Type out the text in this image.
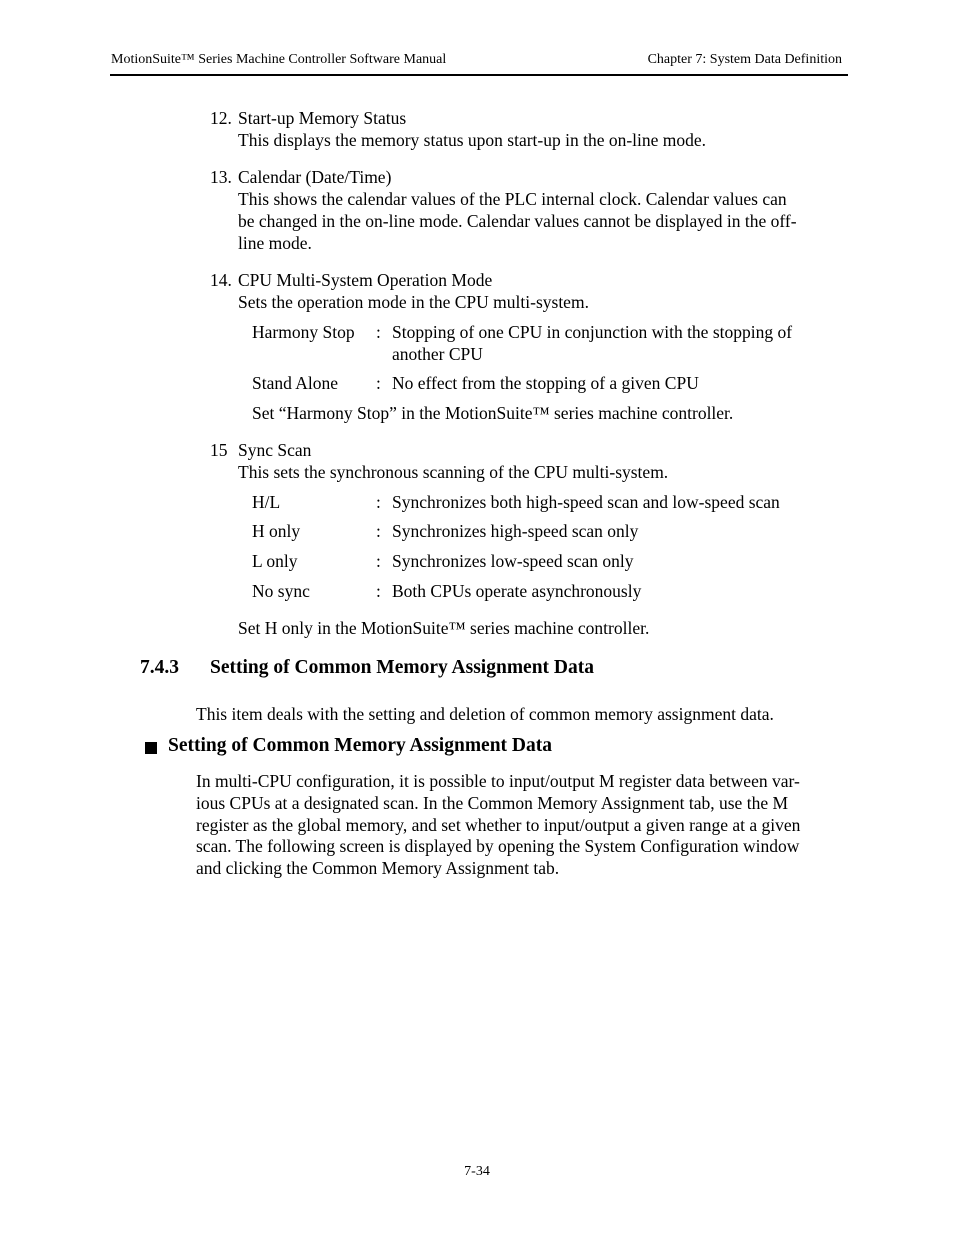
MotionSuite™ Series Machine Controller Software Manual	Chapter 7: System Data Definition
12. Start-up Memory Status
This displays the memory status upon start-up in the on-line mode.
13. Calendar (Date/Time)
This shows the calendar values of the PLC internal clock. Calendar values can
be changed in the on-line mode. Calendar values cannot be displayed in the off-
line mode.
14. CPU Multi-System Operation Mode
Sets the operation mode in the CPU multi-system.
Harmony Stop : Stopping of one CPU in conjunction with the stopping of
another CPU
Stand Alone : No effect from the stopping of a given CPU
Set “Harmony Stop” in the MotionSuite™ series machine controller.
15 Sync Scan
This sets the synchronous scanning of the CPU multi-system.
H/L	: Synchronizes both high-speed scan and low-speed scan
H only	: Synchronizes high-speed scan only
L only	: Synchronizes low-speed scan only
No sync	: Both CPUs operate asynchronously
Set H only in the MotionSuite™ series machine controller.
7.4.3 Setting of Common Memory Assignment Data
This item deals with the setting and deletion of common memory assignment data.
Setting of Common Memory Assignment Data
In multi-CPU configuration, it is possible to input/output M register data between var-
ious CPUs at a designated scan. In the Common Memory Assignment tab, use the M
register as the global memory, and set whether to input/output a given range at a given
scan. The following screen is displayed by opening the System Configuration window
and clicking the Common Memory Assignment tab.
7-34
